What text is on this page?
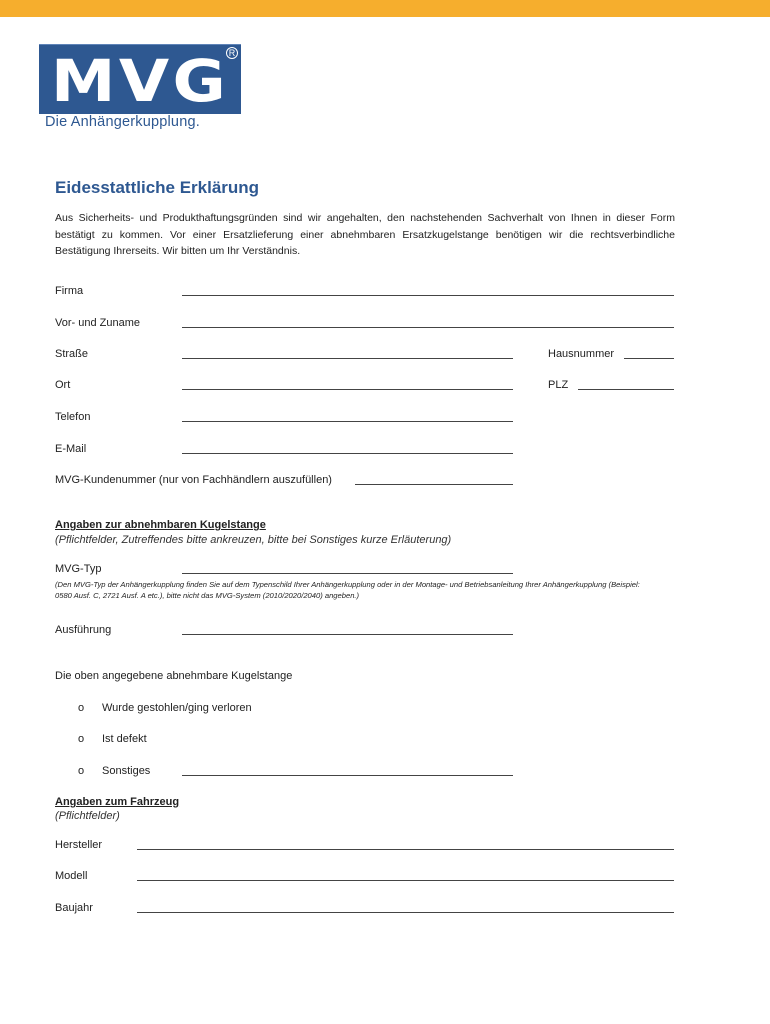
MVG R
Die Anhängerkupplung.
Eidesstattliche Erklärung
Aus Sicherheits- und Produkthaftungsgründen sind wir angehalten, den nachstehenden Sachverhalt von Ihnen in dieser Form bestätigt zu kommen. Vor einer Ersatzlieferung einer abnehmbaren Ersatzkugelstange benötigen wir die rechtsverbindliche Bestätigung Ihrerseits. Wir bitten um Ihr Verständnis.
Firma
Vor- und Zuname
Straße	Hausnummer
Ort	PLZ
Telefon
E-Mail
MVG-Kundenummer (nur von Fachhändlern auszufüllen)
Angaben zur abnehmbaren Kugelstange
(Pflichtfelder, Zutreffendes bitte ankreuzen, bitte bei Sonstiges kurze Erläuterung)
MVG-Typ
(Den MVG-Typ der Anhängerkupplung finden Sie auf dem Typenschild Ihrer Anhängerkupplung oder in der Montage- und Betriebsanleitung Ihrer Anhängerkupplung (Beispiel: 0580 Ausf. C, 2721 Ausf. A etc.), bitte nicht das MVG-System (2010/2020/2040) angeben.)
Ausführung
Die oben angegebene abnehmbare Kugelstange
o Wurde gestohlen/ging verloren
o Ist defekt
o Sonstiges
Angaben zum Fahrzeug
(Pflichtfelder)
Hersteller
Modell
Baujahr
